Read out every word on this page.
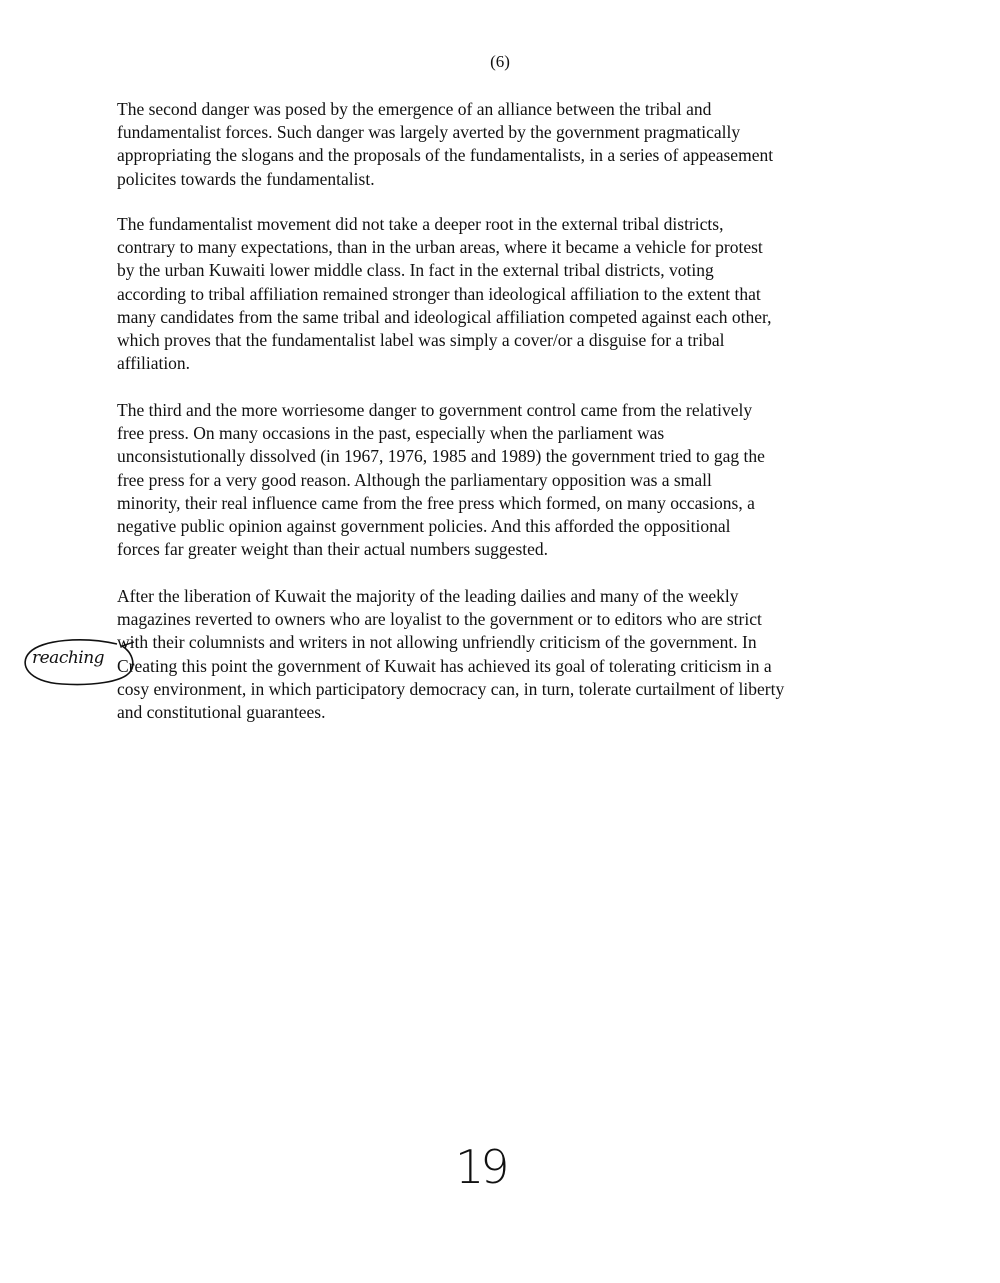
(6)
The second danger was posed by the emergence of an alliance between the tribal and
fundamentalist forces. Such danger was largely averted by the government pragmatically
appropriating the slogans and the proposals of the fundamentalists, in a series of appeasement
policites towards the fundamentalist.
The fundamentalist movement did not take a deeper root in the external tribal districts,
contrary to many expectations, than in the urban areas, where it became a vehicle for protest
by the urban Kuwaiti lower middle class. In fact in the external tribal districts, voting
according to tribal affiliation remained stronger than ideological affiliation to the extent that
many candidates from the same tribal and ideological affiliation competed against each other,
which proves that the fundamentalist label was simply a cover/or a disguise for a tribal
affiliation.
The third and the more worriesome danger to government control came from the relatively
free press. On many occasions in the past, especially when the parliament was
unconsistutionally dissolved (in 1967, 1976, 1985 and 1989) the government tried to gag the
free press for a very good reason. Although the parliamentary opposition was a small
minority, their real influence came from the free press which formed, on many occasions, a
negative public opinion against government policies. And this afforded the oppositional
forces far greater weight than their actual numbers suggested.
After the liberation of Kuwait the majority of the leading dailies and many of the weekly
magazines reverted to owners who are loyalist to the government or to editors who are strict
with their columnists and writers in not allowing unfriendly criticism of the government. In
Creating this point the government of Kuwait has achieved its goal of tolerating criticism in a
cosy environment, in which participatory democracy can, in turn, tolerate curtailment of liberty
and constitutional guarantees.
reaching
19
